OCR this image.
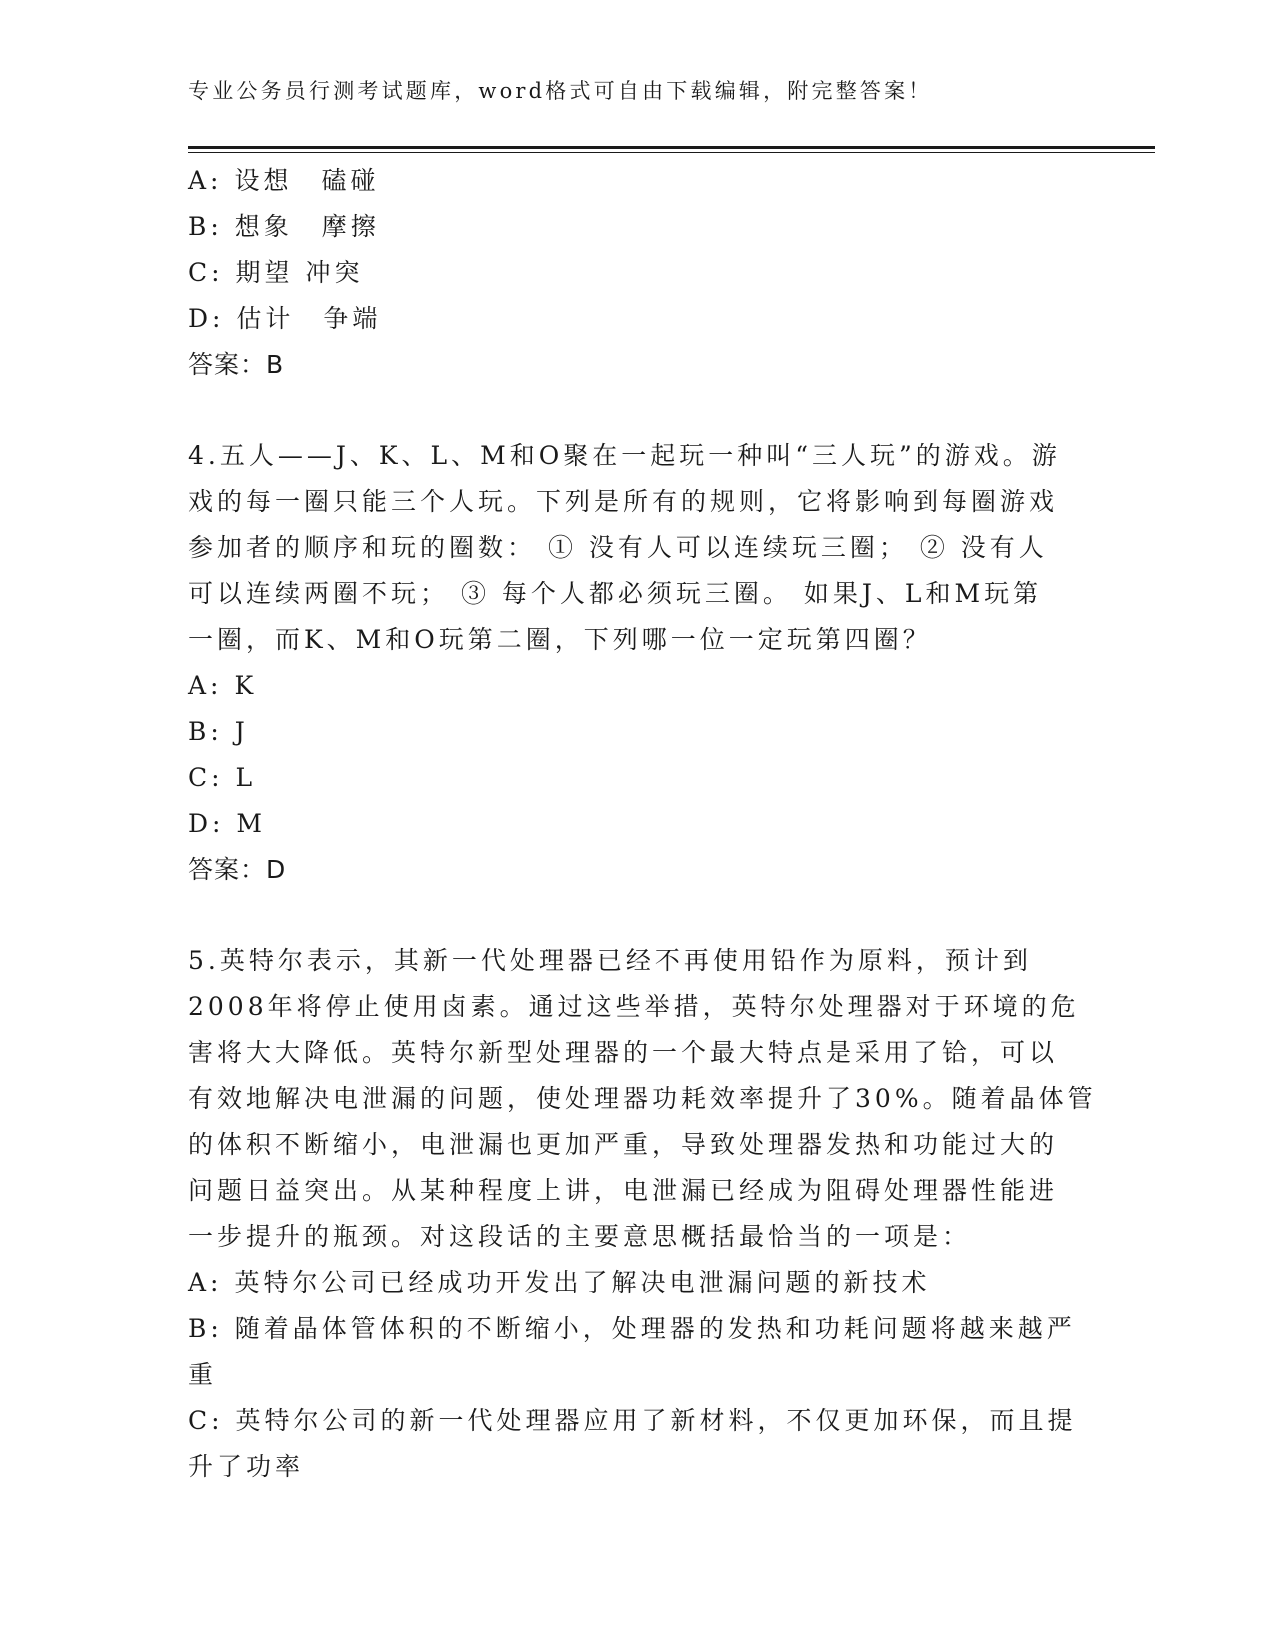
专业公务员行测考试题库，word格式可自由下载编辑，附完整答案！
A: 设想　磕碰
B: 想象　摩擦
C: 期望 冲突
D: 估计　争端
答案：B
4.五人——J、K、L、M和O聚在一起玩一种叫“三人玩”的游戏。游
戏的每一圈只能三个人玩。下列是所有的规则，它将影响到每圈游戏
参加者的顺序和玩的圈数： ① 没有人可以连续玩三圈； ② 没有人
可以连续两圈不玩； ③ 每个人都必须玩三圈。 如果J、L和M玩第
一圈，而K、M和O玩第二圈，下列哪一位一定玩第四圈？
A: K
B: J
C: L
D: M
答案：D
5.英特尔表示，其新一代处理器已经不再使用铅作为原料，预计到
2008年将停止使用卤素。通过这些举措，英特尔处理器对于环境的危
害将大大降低。英特尔新型处理器的一个最大特点是采用了铪，可以
有效地解决电泄漏的问题，使处理器功耗效率提升了30%。随着晶体管
的体积不断缩小，电泄漏也更加严重，导致处理器发热和功能过大的
问题日益突出。从某种程度上讲，电泄漏已经成为阻碍处理器性能进
一步提升的瓶颈。对这段话的主要意思概括最恰当的一项是：
A: 英特尔公司已经成功开发出了解决电泄漏问题的新技术
B: 随着晶体管体积的不断缩小，处理器的发热和功耗问题将越来越严
重
C: 英特尔公司的新一代处理器应用了新材料，不仅更加环保，而且提
升了功率
